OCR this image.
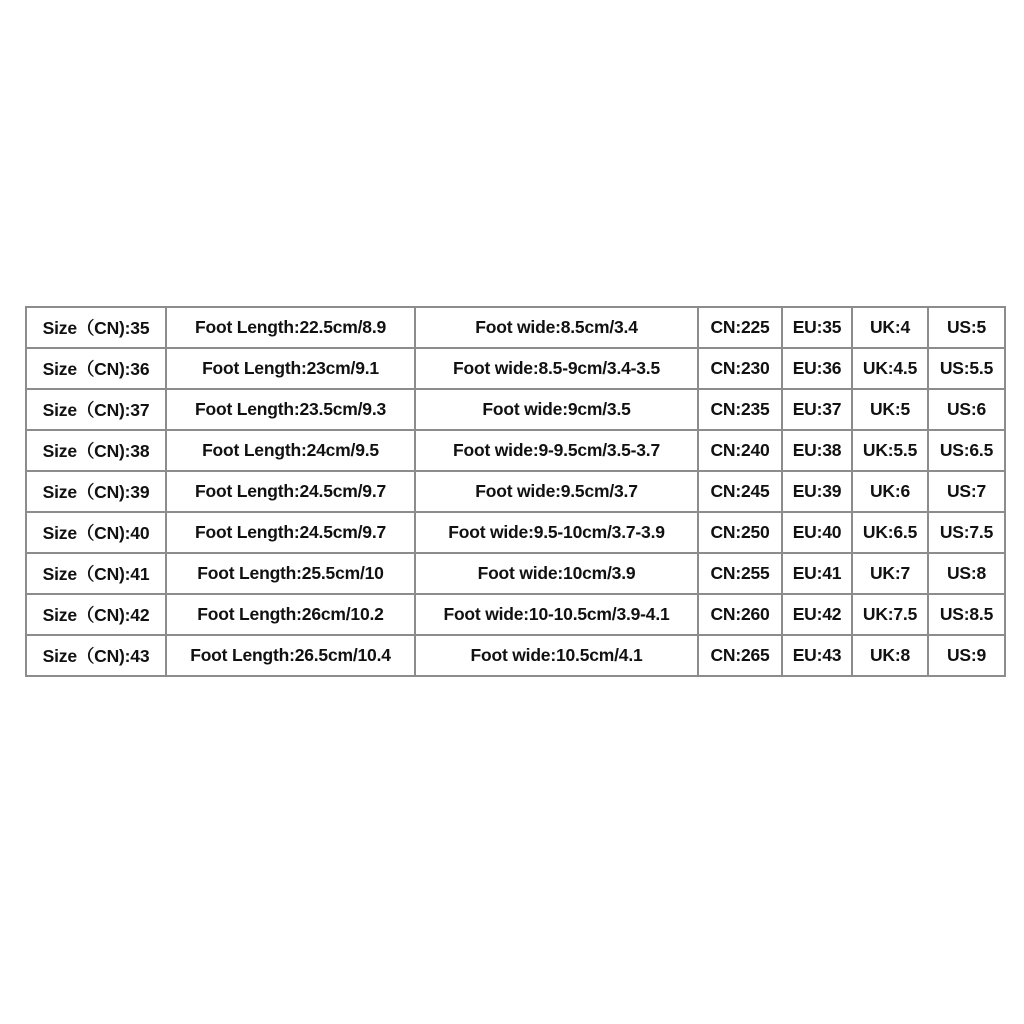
Size（CN):35	Foot Length:22.5cm/8.9	Foot wide:8.5cm/3.4	CN:225	EU:35	UK:4	US:5
Size（CN):36	Foot Length:23cm/9.1	Foot wide:8.5-9cm/3.4-3.5	CN:230	EU:36	UK:4.5	US:5.5
Size（CN):37	Foot Length:23.5cm/9.3	Foot wide:9cm/3.5	CN:235	EU:37	UK:5	US:6
Size（CN):38	Foot Length:24cm/9.5	Foot wide:9-9.5cm/3.5-3.7	CN:240	EU:38	UK:5.5	US:6.5
Size（CN):39	Foot Length:24.5cm/9.7	Foot wide:9.5cm/3.7	CN:245	EU:39	UK:6	US:7
Size（CN):40	Foot Length:24.5cm/9.7	Foot wide:9.5-10cm/3.7-3.9	CN:250	EU:40	UK:6.5	US:7.5
Size（CN):41	Foot Length:25.5cm/10	Foot wide:10cm/3.9	CN:255	EU:41	UK:7	US:8
Size（CN):42	Foot Length:26cm/10.2	Foot wide:10-10.5cm/3.9-4.1	CN:260	EU:42	UK:7.5	US:8.5
Size（CN):43	Foot Length:26.5cm/10.4	Foot wide:10.5cm/4.1	CN:265	EU:43	UK:8	US:9
